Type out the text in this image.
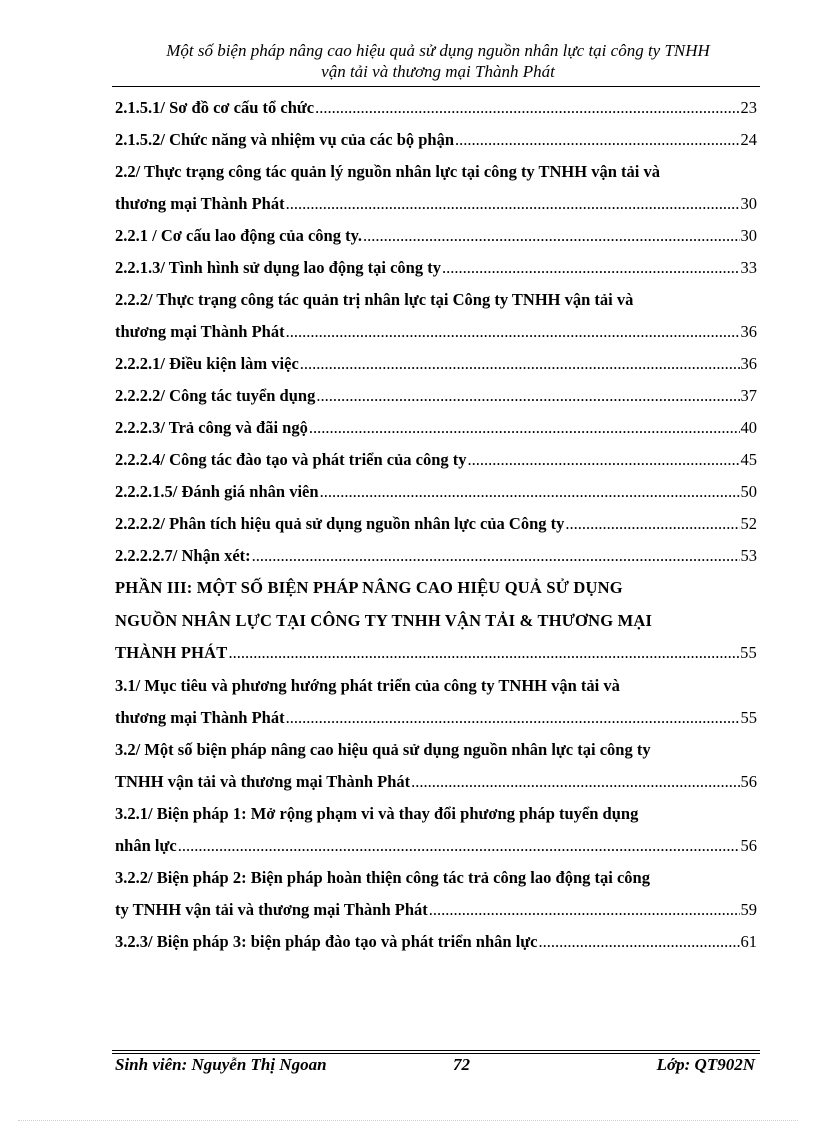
Một số biện pháp nâng cao hiệu quả sử dụng nguồn nhân lực tại công ty TNHH
vận tải và thương mại Thành Phát
2.1.5.1/ Sơ đồ cơ cấu tổ chức .....	23
2.1.5.2/ Chức năng và nhiệm vụ của các bộ phận .....	24
2.2/ Thực trạng công tác quản lý nguồn nhân lực tại công ty TNHH vận tải và
thương mại Thành Phát .....	30
2.2.1 / Cơ cấu lao động của công ty. .....	30
2.2.1.3/ Tình hình sử dụng lao động tại công ty .....	33
2.2.2/ Thực trạng công tác quản trị nhân lực tại Công ty TNHH vận tải và
thương mại Thành Phát .....	36
2.2.2.1/ Điều kiện làm việc .....	36
2.2.2.2/ Công tác tuyển dụng .....	37
2.2.2.3/ Trả công và đãi ngộ .....	40
2.2.2.4/ Công tác đào tạo và phát triển của công ty .....	45
2.2.2.1.5/ Đánh giá nhân viên .....	50
2.2.2.2/ Phân tích hiệu quả sử dụng nguồn nhân lực của Công ty .....	52
2.2.2.2.7/ Nhận xét: .....	53
PHẦN III: MỘT SỐ BIỆN PHÁP NÂNG CAO HIỆU QUẢ SỬ DỤNG
NGUỒN NHÂN LỰC TẠI CÔNG TY TNHH VẬN TẢI & THƯƠNG MẠI
THÀNH PHÁT .....	55
3.1/ Mục tiêu và phương hướng phát triển của công ty TNHH vận tải và
thương mại Thành Phát .....	55
3.2/ Một số biện pháp nâng cao hiệu quả sử dụng nguồn nhân lực tại công ty
TNHH vận tải và thương mại Thành Phát .....	56
3.2.1/ Biện pháp 1: Mở rộng phạm vi và thay đổi phương pháp tuyển dụng
nhân lực .....	56
3.2.2/ Biện pháp 2: Biện pháp hoàn thiện công tác trả công lao động tại công
ty TNHH vận tải và thương mại Thành Phát .....	59
3.2.3/ Biện pháp 3: biện pháp đào tạo và phát triển nhân lực .....	61
Sinh viên: Nguyễn Thị Ngoan	72	Lớp: QT902N
